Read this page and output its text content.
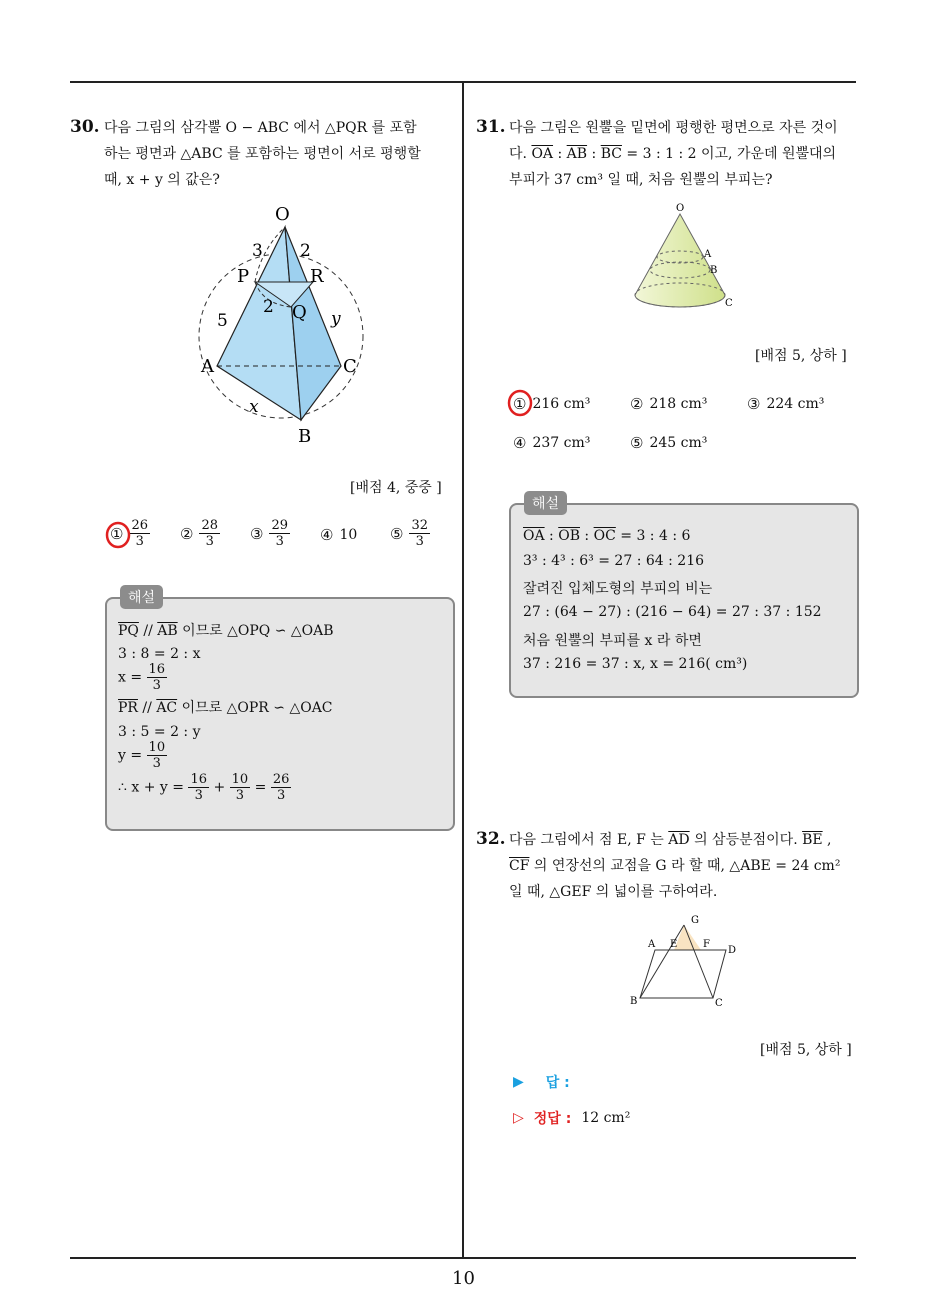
30. 다음 그림의 삼각뿔 O − ABC 에서 △PQR 를 포함
하는 평면과 △ABC 를 포함하는 평면이 서로 평행할
때, x + y 의 값은?
O
P	R
Q
A
B
C
3 2
2
5	y
x
[배점 4, 중중 ]
① $\frac{26}{3}$ ② $\frac{28}{3}$ ③ $\frac{29}{3}$ ④ 10 ⑤ $\frac{32}{3}$
해설
$\overline{PQ} // \overline{AB}$ 이므로 △OPQ ∽ △OAB
3 : 8 = 2 : x
$x = \frac{16}{3}$
$\overline{PR} // \overline{AC}$ 이므로 △OPR ∽ △OAC
3 : 5 = 2 : y
$y = \frac{10}{3}$
∴ $x + y = \frac{16}{3} + \frac{10}{3} = \frac{26}{3}$
31. 다음 그림은 원뿔을 밑면에 평행한 평면으로 자른 것이
다. $\overline{OA}$ : $\overline{AB}$ : $\overline{BC} = 3$ : 1 : 2 이고, 가운데 원뿔대의
부피가 37 cm³ 일 때, 처음 원뿔의 부피는?
O
A
B
C
[배점 5, 상하 ]
① 216 cm³	② 218 cm³	③ 224 cm³
④ 237 cm³	⑤ 245 cm³
해설
$\overline{OA}$ : $\overline{OB}$ : $\overline{OC} = 3$ : 4 : 6
3³ : 4³ : 6³ = 27 : 64 : 216
잘려진 입체도형의 부피의 비는
27 : (64 − 27) : (216 − 64) = 27 : 37 : 152
처음 원뿔의 부피를 x 라 하면
37 : 216 = 37 : x, x = 216( cm³)
32. 다음 그림에서 점 E, F 는 $\overline{AD}$ 의 삼등분점이다. $\overline{BE}$ ,
$\overline{CF}$ 의 연장선의 교점을 G 라 할 때, △ABE = 24 cm²
일 때, △GEF 의 넓이를 구하여라.
G
A E	F
D
B	C
[배점 5, 상하 ]
▶ 답 :
▷ 정답 : 12 cm²
10
